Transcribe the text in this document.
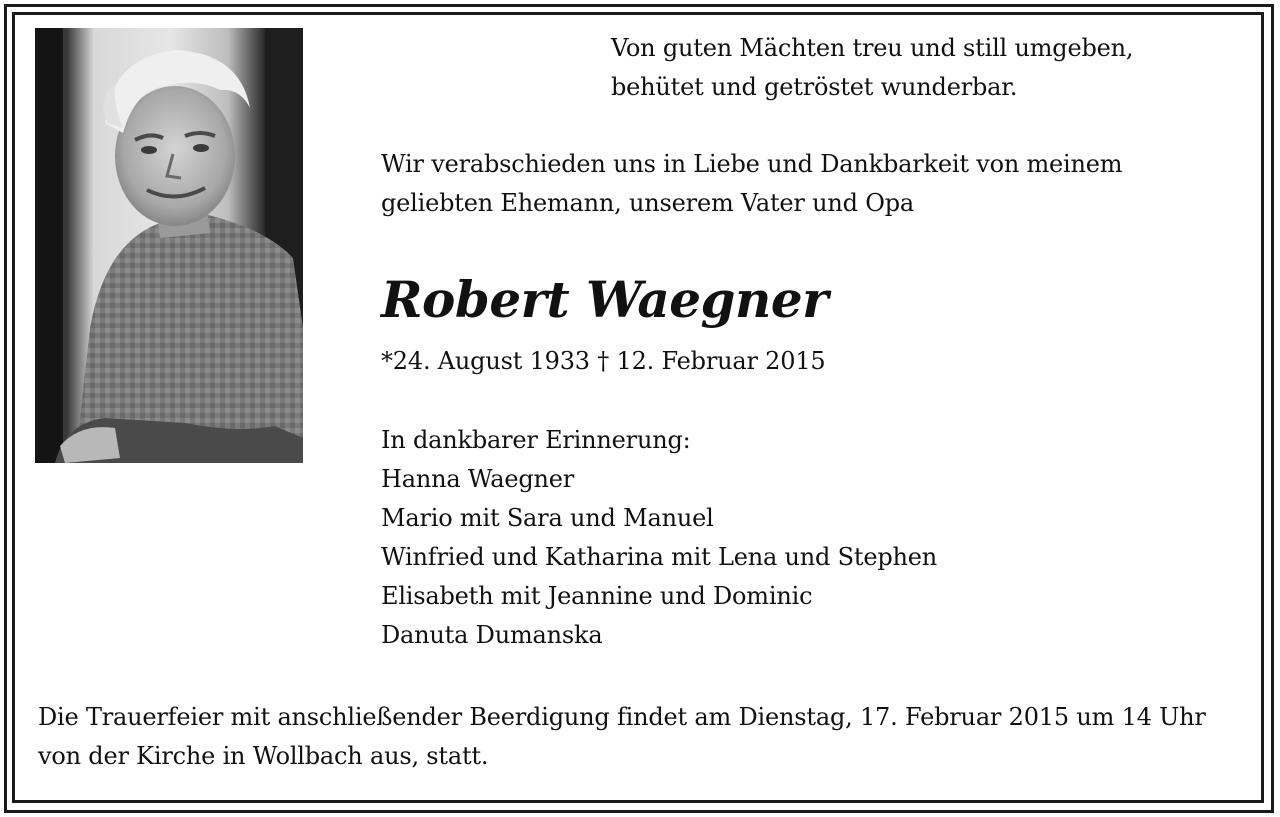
Von guten Mächten treu und still umgeben,
behütet und getröstet wunderbar.
Wir verabschieden uns in Liebe und Dankbarkeit von meinem
geliebten Ehemann, unserem Vater und Opa
Robert Waegner
*24. August 1933 † 12. Februar 2015
In dankbarer Erinnerung:
Hanna Waegner
Mario mit Sara und Manuel
Winfried und Katharina mit Lena und Stephen
Elisabeth mit Jeannine und Dominic
Danuta Dumanska
Die Trauerfeier mit anschließender Beerdigung findet am Dienstag, 17. Februar 2015 um 14 Uhr
von der Kirche in Wollbach aus, statt.
